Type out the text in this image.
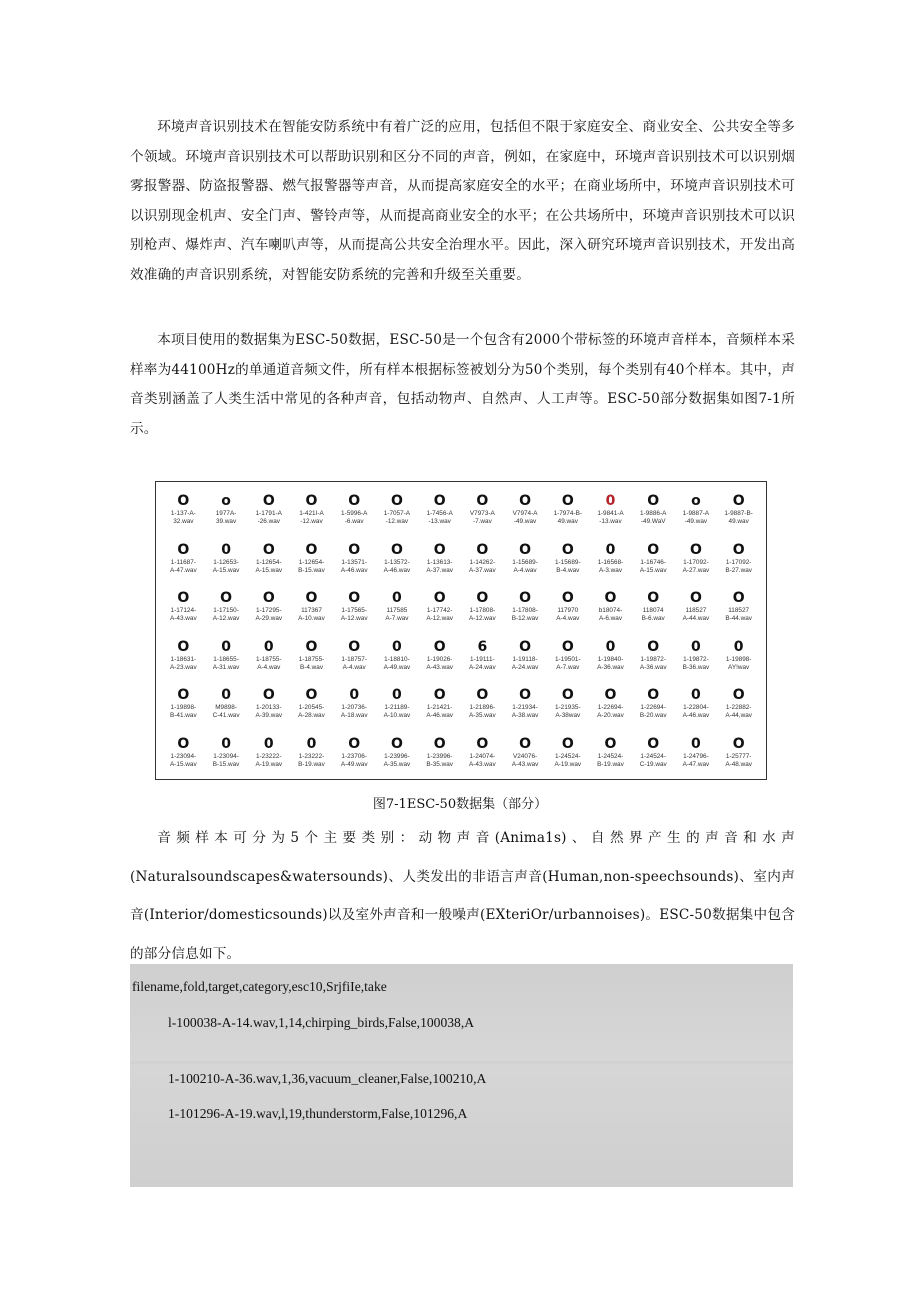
环境声音识别技术在智能安防系统中有着广泛的应用，包括但不限于家庭安全、商业安全、公共安全等多个领域。环境声音识别技术可以帮助识别和区分不同的声音，例如，在家庭中，环境声音识别技术可以识别烟雾报警器、防盗报警器、燃气报警器等声音，从而提高家庭安全的水平；在商业场所中，环境声音识别技术可以识别现金机声、安全门声、警铃声等，从而提高商业安全的水平；在公共场所中，环境声音识别技术可以识别枪声、爆炸声、汽车喇叭声等，从而提高公共安全治理水平。因此，深入研究环境声音识别技术，开发出高效准确的声音识别系统，对智能安防系统的完善和升级至关重要。

本项目使用的数据集为ESC-50数据，ESC-50是一个包含有2000个带标签的环境声音样本，音频样本采样率为44100Hz的单通道音频文件，所有样本根据标签被划分为50个类别，每个类别有40个样本。其中，声音类别涵盖了人类生活中常见的各种声音，包括动物声、自然声、人工声等。ESC-50部分数据集如图7-1所示。

O
1-137-A-
32.wav
o
1977A-
39.wav
O
1-1791-A
-26.wav
O
1-421I-A
-12.wav
O
1-5996-A
-6.wav
O
1-7057-A
-12.wav
O
1-7456-A
-13.wav
O
V7973-A
-7.wav
O
V7974-A
-49.wav
O
1-7974-B-
49.wav
0
1-9841-A
-13.wav
O
1-9886-A
-49.WaV
o
1-9887-A
-49.wav
O
1-9887-B-
49.wav
O
1-11687-
A-47.wav
0
1-12653-
A-15.wav
O
1-12654-
A-15.wav
O
1-12654-
B-15.wav
O
1-13571-
A-46.wav
O
1-13572-
A-46.wav
O
1-13613-
A-37.wav
O
1-14262-
A-37.wav
O
1-15689-
A-4.wav
O
1-15689-
B-4.wav
0
1-16568-
A-3.wav
O
1-16746-
A-15.wav
O
1-17092-
A-27.wav
O
1-17092-
B-27.wav
O
1-17124-
A-43.wav
O
1-17150-
A-12.wav
O
1-17295-
A-29.wav
O
117367
A-10.wav
O
1-17565-
A-12.wav
0
117585
A-7.wav
O
1-17742-
A-12.wav
O
1-17808-
A-12.wav
O
1-17808-
B-12.wav
O
117970
A-4.wav
O
b18074-
A-6.wav
O
118074
B-6.wav
O
118527
A-44.wav
O
118527
B-44.wav
O
1-18631-
A-23.wav
0
1-18655-
A-31.wav
0
1-18755-
A-4.wav
O
1-18755-
B-4.wav
O
1-18757-
A-4.wav
0
1-18810-
A-49.wav
O
1-19026-
A-43.wav
6
1-19111-
A-24.wav
O
1-19118-
A-24.wav
O
1-19501-
A-7.wav
0
1-19840-
A-36.wav
O
1-19872-
A-36.wav
0
1-19872-
B-36.wav
0
1-19898-
AY!wav
O
1-19898-
B-41.wav
0
M9898-
C-41.wav
O
1-20133-
A-39.wav
O
1-20545-
A-28.wav
0
1-20736-
A-18.wav
0
1-21189-
A-10.wav
O
1-21421-
A-46.wav
O
1-21896-
A-35.wav
O
1-21934-
A-38.wav
O
1-21935-
A-38wav
O
1-22694-
A-20.wav
O
1-22694-
B-20.wav
0
1-22804-
A-46.wav
O
1-22882-
A-44,wav
O
1-23094-
A-15.wav
0
1-23094-
B-15.wav
0
1-23222-
A-19.wav
0
1-23222-
B-19.wav
O
1-23706-
A-49.wav
O
1-23996-
A-35.wav
O
1-23996-
B-35.wav
O
1-24074-
A-43.wav
O
V24076-
A-43.wav
O
1-24524-
A-19.wav
O
1-24524-
B-19.wav
O
1-24524-
C-19.wav
0
1-24796-
A-47.wav
O
1-25777-
A-48.wav
图7-1ESC-50数据集（部分）

音频样本可分为5个主要类别：动物声音(Anima1s)、自然界产生的声音和水声(Naturalsoundscapes&watersounds)、人类发出的非语言声音(Human,non-speechsounds)、室内声音(Interior/domesticsounds)以及室外声音和一般噪声(EXteriOr/urbannoises)。ESC-50数据集中包含的部分信息如下。

filename,fold,target,category,esc10,SrjfiIe,take
l-100038-A-14.wav,1,14,chirping_birds,False,100038,A
1-100210-A-36.wav,1,36,vacuum_cleaner,False,100210,A
1-101296-A-19.wav,l,19,thunderstorm,False,101296,A
